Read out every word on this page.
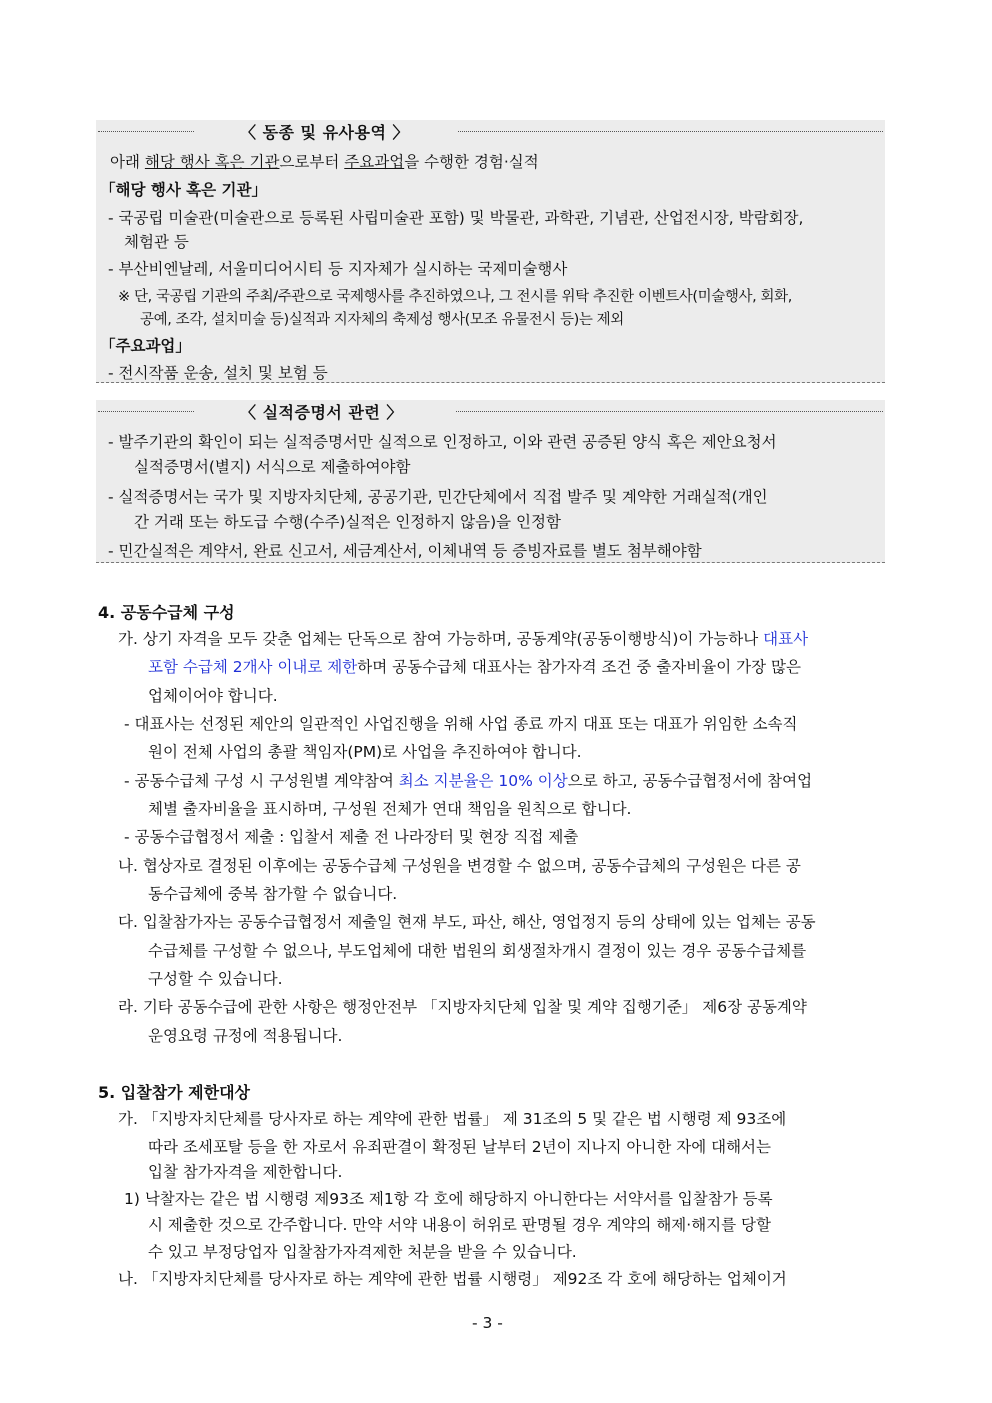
〈 동종 및 유사용역 〉
아래 해당 행사 혹은 기관으로부터 주요과업을 수행한 경험·실적
「해당 행사 혹은 기관」
- 국공립 미술관(미술관으로 등록된 사립미술관 포함) 및 박물관, 과학관, 기념관, 산업전시장, 박람회장,
체험관 등
- 부산비엔날레, 서울미디어시티 등 지자체가 실시하는 국제미술행사
※ 단, 국공립 기관의 주최/주관으로 국제행사를 추진하였으나, 그 전시를 위탁 추진한 이벤트사(미술행사, 회화,
공예, 조각, 설치미술 등)실적과 지자체의 축제성 행사(모조 유물전시 등)는 제외
「주요과업」
- 전시작품 운송, 설치 및 보험 등
〈 실적증명서 관련 〉
- 발주기관의 확인이 되는 실적증명서만 실적으로 인정하고, 이와 관련 공증된 양식 혹은 제안요청서
실적증명서(별지) 서식으로 제출하여야함
- 실적증명서는 국가 및 지방자치단체, 공공기관, 민간단체에서 직접 발주 및 계약한 거래실적(개인
간 거래 또는 하도급 수행(수주)실적은 인정하지 않음)을 인정함
- 민간실적은 계약서, 완료 신고서, 세금계산서, 이체내역 등 증빙자료를 별도 첨부해야함
4. 공동수급체 구성
가. 상기 자격을 모두 갖춘 업체는 단독으로 참여 가능하며, 공동계약(공동이행방식)이 가능하나 대표사
포함 수급체 2개사 이내로 제한하며 공동수급체 대표사는 참가자격 조건 중 출자비율이 가장 많은
업체이어야 합니다.
- 대표사는 선정된 제안의 일관적인 사업진행을 위해 사업 종료 까지 대표 또는 대표가 위임한 소속직
원이 전체 사업의 총괄 책임자(PM)로 사업을 추진하여야 합니다.
- 공동수급체 구성 시 구성원별 계약참여 최소 지분율은 10% 이상으로 하고, 공동수급협정서에 참여업
체별 출자비율을 표시하며, 구성원 전체가 연대 책임을 원칙으로 합니다.
- 공동수급협정서 제출 : 입찰서 제출 전 나라장터 및 현장 직접 제출
나. 협상자로 결정된 이후에는 공동수급체 구성원을 변경할 수 없으며, 공동수급체의 구성원은 다른 공
동수급체에 중복 참가할 수 없습니다.
다. 입찰참가자는 공동수급협정서 제출일 현재 부도, 파산, 해산, 영업정지 등의 상태에 있는 업체는 공동
수급체를 구성할 수 없으나, 부도업체에 대한 법원의 회생절차개시 결정이 있는 경우 공동수급체를
구성할 수 있습니다.
라. 기타 공동수급에 관한 사항은 행정안전부 「지방자치단체 입찰 및 계약 집행기준」 제6장 공동계약
운영요령 규정에 적용됩니다.
5. 입찰참가 제한대상
가. 「지방자치단체를 당사자로 하는 계약에 관한 법률」 제 31조의 5 및 같은 법 시행령 제 93조에
따라 조세포탈 등을 한 자로서 유죄판결이 확정된 날부터 2년이 지나지 아니한 자에 대해서는
입찰 참가자격을 제한합니다.
1) 낙찰자는 같은 법 시행령 제93조 제1항 각 호에 해당하지 아니한다는 서약서를 입찰참가 등록
시 제출한 것으로 간주합니다. 만약 서약 내용이 허위로 판명될 경우 계약의 해제·해지를 당할
수 있고 부정당업자 입찰참가자격제한 처분을 받을 수 있습니다.
나. 「지방자치단체를 당사자로 하는 계약에 관한 법률 시행령」 제92조 각 호에 해당하는 업체이거
- 3 -
